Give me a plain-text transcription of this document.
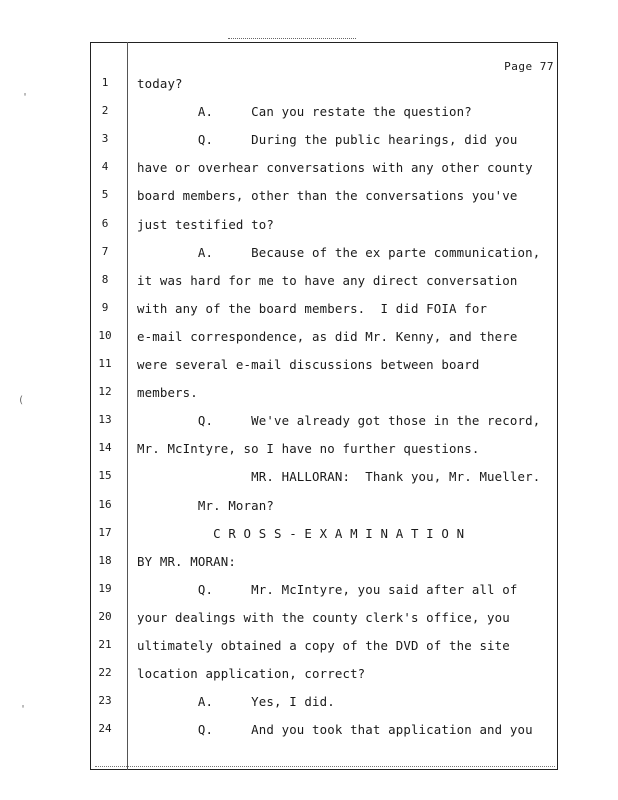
Page 77
1	today?
2	A.     Can you restate the question?
3	Q.     During the public hearings, did you
4	have or overhear conversations with any other county
5	board members, other than the conversations you've
6	just testified to?
7	A.     Because of the ex parte communication,
8	it was hard for me to have any direct conversation
9	with any of the board members.  I did FOIA for
10	e-mail correspondence, as did Mr. Kenny, and there
11	were several e-mail discussions between board
12	members.
13	Q.     We've already got those in the record,
14	Mr. McIntyre, so I have no further questions.
15	MR. HALLORAN:  Thank you, Mr. Mueller.
16	Mr. Moran?
17	C R O S S - E X A M I N A T I O N
18	BY MR. MORAN:
19	Q.     Mr. McIntyre, you said after all of
20	your dealings with the county clerk's office, you
21	ultimately obtained a copy of the DVD of the site
22	location application, correct?
23	A.     Yes, I did.
24	Q.     And you took that application and you
'
(
'
